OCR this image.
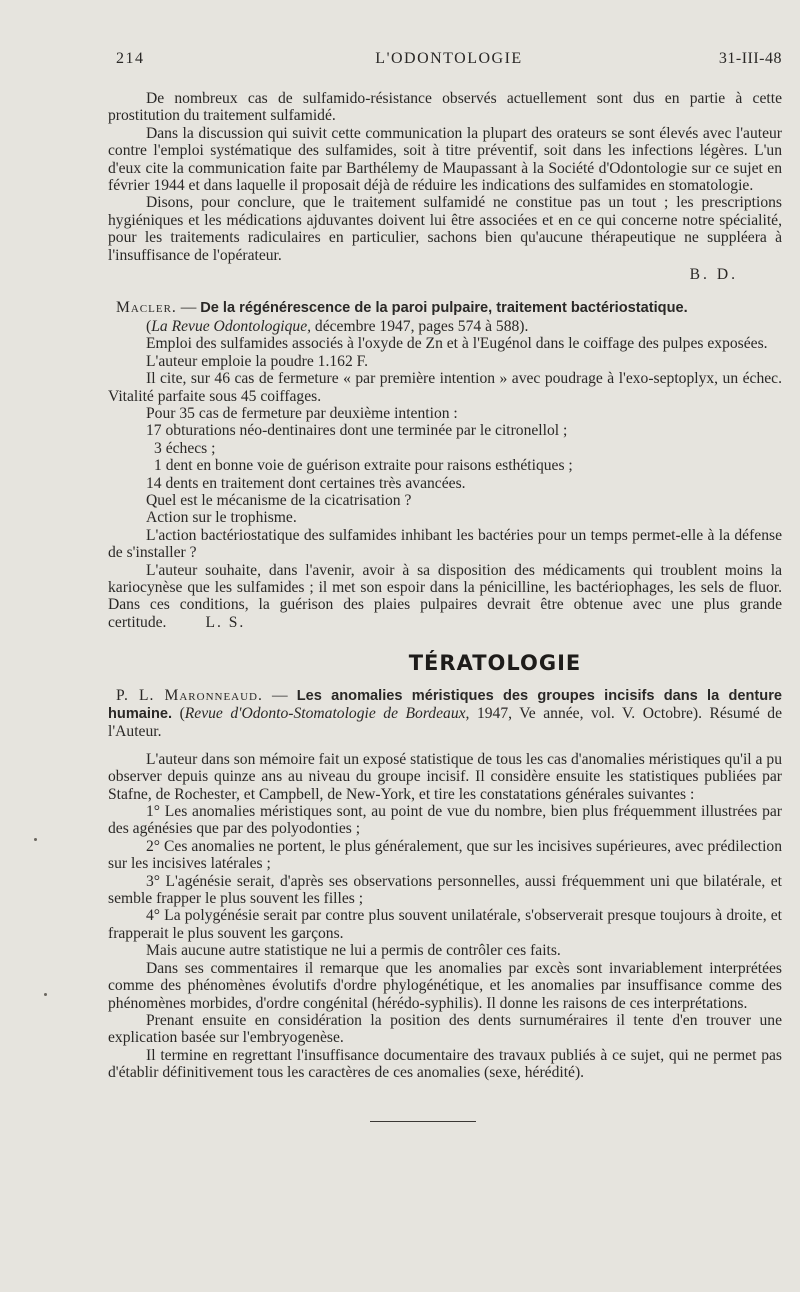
214	L'ODONTOLOGIE	31-III-48

De nombreux cas de sulfamido-résistance observés actuellement sont dus en partie à cette prostitution du traitement sulfamidé.

Dans la discussion qui suivit cette communication la plupart des orateurs se sont élevés avec l'auteur contre l'emploi systématique des sulfamides, soit à titre préventif, soit dans les infections légères. L'un d'eux cite la communication faite par Barthélemy de Maupassant à la Société d'Odontologie sur ce sujet en février 1944 et dans laquelle il proposait déjà de réduire les indications des sulfamides en stomatologie.

Disons, pour conclure, que le traitement sulfamidé ne constitue pas un tout ; les prescriptions hygiéniques et les médications ajduvantes doivent lui être associées et en ce qui concerne notre spécialité, pour les traitements radiculaires en particulier, sachons bien qu'aucune thérapeutique ne suppléera à l'insuffisance de l'opérateur.

B. D.

Macler. — De la régénérescence de la paroi pulpaire, traitement bactériostatique.
(La Revue Odontologique, décembre 1947, pages 574 à 588).

Emploi des sulfamides associés à l'oxyde de Zn et à l'Eugénol dans le coiffage des pulpes exposées.

L'auteur emploie la poudre 1.162 F.

Il cite, sur 46 cas de fermeture « par première intention » avec poudrage à l'exo-septoplyx, un échec. Vitalité parfaite sous 45 coiffages.

Pour 35 cas de fermeture par deuxième intention :

17 obturations néo-dentinaires dont une terminée par le citronellol ;

3 échecs ;

1 dent en bonne voie de guérison extraite pour raisons esthétiques ;

14 dents en traitement dont certaines très avancées.

Quel est le mécanisme de la cicatrisation ?

Action sur le trophisme.

L'action bactériostatique des sulfamides inhibant les bactéries pour un temps permet-elle à la défense de s'installer ?

L'auteur souhaite, dans l'avenir, avoir à sa disposition des médicaments qui troublent moins la kariocynèse que les sulfamides ; il met son espoir dans la pénicilline, les bactériophages, les sels de fluor. Dans ces conditions, la guérison des plaies pulpaires devrait être obtenue avec une plus grande certitude. L. S.

TÉRATOLOGIE

P. L. Maronneaud. — Les anomalies méristiques des groupes incisifs dans la denture humaine. (Revue d'Odonto-Stomatologie de Bordeaux, 1947, Ve année, vol. V. Octobre). Résumé de l'Auteur.

L'auteur dans son mémoire fait un exposé statistique de tous les cas d'anomalies méristiques qu'il a pu observer depuis quinze ans au niveau du groupe incisif. Il considère ensuite les statistiques publiées par Stafne, de Rochester, et Campbell, de New-York, et tire les constatations générales suivantes :

1° Les anomalies méristiques sont, au point de vue du nombre, bien plus fréquemment illustrées par des agénésies que par des polyodonties ;

2° Ces anomalies ne portent, le plus généralement, que sur les incisives supérieures, avec prédilection sur les incisives latérales ;

3° L'agénésie serait, d'après ses observations personnelles, aussi fréquemment uni que bilatérale, et semble frapper le plus souvent les filles ;

4° La polygénésie serait par contre plus souvent unilatérale, s'observerait presque toujours à droite, et frapperait le plus souvent les garçons.

Mais aucune autre statistique ne lui a permis de contrôler ces faits.

Dans ses commentaires il remarque que les anomalies par excès sont invariablement interprétées comme des phénomènes évolutifs d'ordre phylogénétique, et les anomalies par insuffisance comme des phénomènes morbides, d'ordre congénital (hérédo-syphilis). Il donne les raisons de ces interprétations.

Prenant ensuite en considération la position des dents surnuméraires il tente d'en trouver une explication basée sur l'embryogenèse.

Il termine en regrettant l'insuffisance documentaire des travaux publiés à ce sujet, qui ne permet pas d'établir définitivement tous les caractères de ces anomalies (sexe, hérédité).
